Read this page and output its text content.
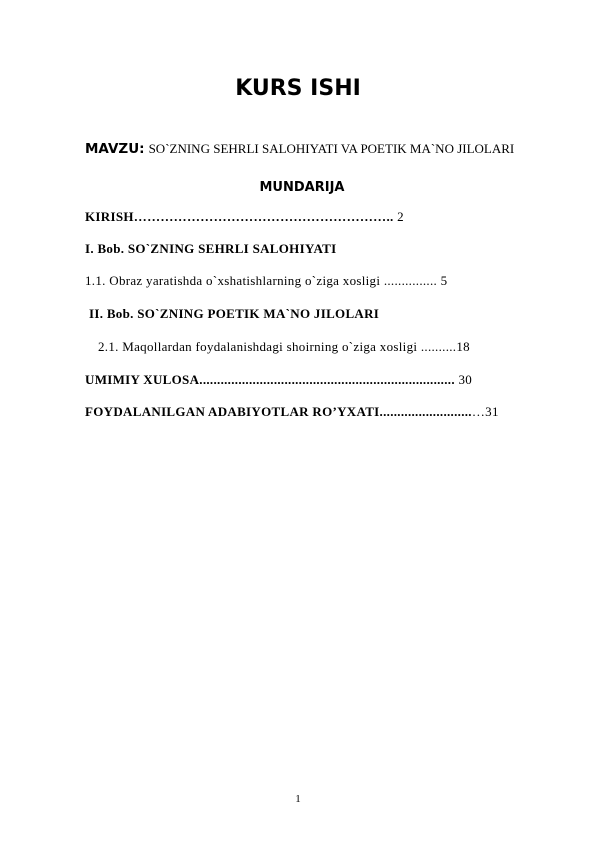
KURS ISHI
MAVZU: SO`ZNING SEHRLI SALOHIYATI VA POETIK MA`NO JILOLARI
MUNDARIJA
KIRISH………………………………………………….. 2
I. Bob. SO`ZNING SEHRLI SALOHIYATI
1.1. Obraz yaratishda o`xshatishlarning o`ziga xosligi ............... 5
II. Bob. SO`ZNING POETIK MA`NO JILOLARI
2.1. Maqollardan foydalanishdagi shoirning o`ziga xosligi ..........18
UMIMIY XULOSA........................................................................ 30
FOYDALANILGAN ADABIYOTLAR RO’YXATI..........................…31
1
